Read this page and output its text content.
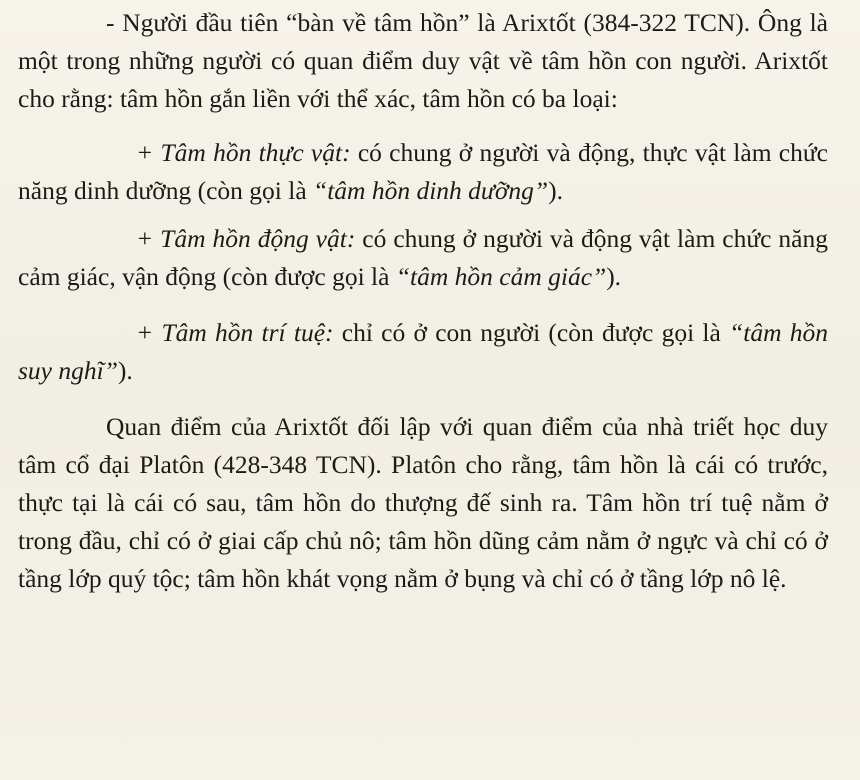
- Người đầu tiên “bàn về tâm hồn” là Arixtốt (384-322 TCN). Ông là một trong những người có quan điểm duy vật về tâm hồn con người. Arixtốt cho rằng: tâm hồn gắn liền với thể xác, tâm hồn có ba loại:

+ Tâm hồn thực vật: có chung ở người và động, thực vật làm chức năng dinh dưỡng (còn gọi là “tâm hồn dinh dưỡng”).

+ Tâm hồn động vật: có chung ở người và động vật làm chức năng cảm giác, vận động (còn được gọi là “tâm hồn cảm giác”).

+ Tâm hồn trí tuệ: chỉ có ở con người (còn được gọi là “tâm hồn suy nghĩ”).

Quan điểm của Arixtốt đối lập với quan điểm của nhà triết học duy tâm cổ đại Platôn (428-348 TCN). Platôn cho rằng, tâm hồn là cái có trước, thực tại là cái có sau, tâm hồn do thượng đế sinh ra. Tâm hồn trí tuệ nằm ở trong đầu, chỉ có ở giai cấp chủ nô; tâm hồn dũng cảm nằm ở ngực và chỉ có ở tầng lớp quý tộc; tâm hồn khát vọng nằm ở bụng và chỉ có ở tầng lớp nô lệ.
